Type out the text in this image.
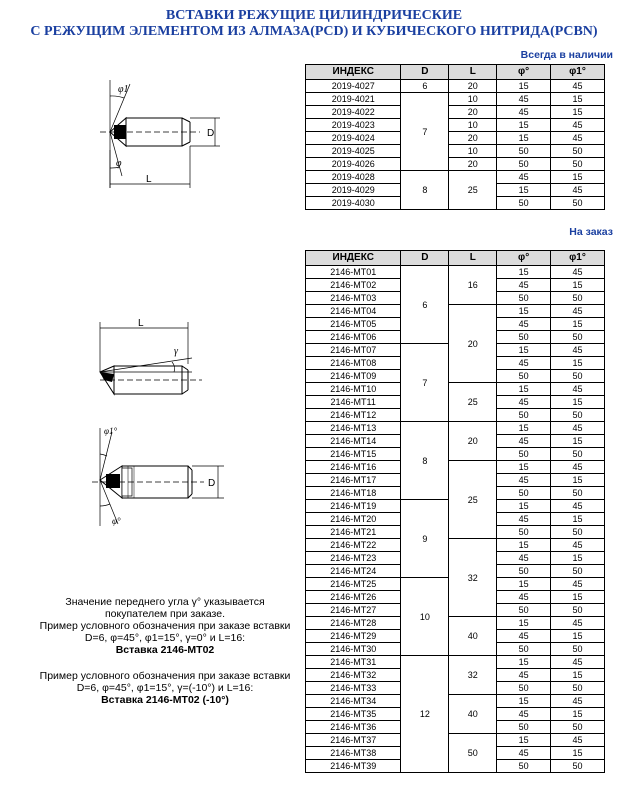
ВСТАВКИ РЕЖУЩИЕ ЦИЛИНДРИЧЕСКИЕ
С РЕЖУЩИМ ЭЛЕМЕНТОМ ИЗ АЛМАЗА(PCD) И КУБИЧЕСКОГО НИТРИДА(PCBN)
Всегда в наличии
φ1
φ
D
L
L
γ
φ1°
φ°
D
Значение переднего угла γ° указывается
покупателем при заказе.
Пример условного обозначения при заказе вставки
D=6, φ=45°, φ1=15°, γ=0° и L=16:
Вставка 2146-MT02
Пример условного обозначения при заказе вставки
D=6, φ=45°, φ1=15°, γ=(-10°) и L=16:
Вставка 2146-MT02 (-10°)
ИНДЕКС	D	L	φ°	φ1°
2019-4027	6	20	15	45
2019-4021	7	10	45	15
2019-4022		20	45	15
2019-4023		10	15	45
2019-4024		20	15	45
2019-4025		10	50	50
2019-4026		20	50	50
2019-4028	8	25	45	15
2019-4029			15	45
2019-4030			50	50
На заказ
ИНДЕКС	D	L	φ°	φ1°
2146-MT01	6	16	15	45
2146-MT02			45	15
2146-MT03			50	50
2146-MT04		20	15	45
2146-MT05			45	15
2146-MT06			50	50
2146-MT07	7		15	45
2146-MT08			45	15
2146-MT09			50	50
2146-MT10		25	15	45
2146-MT11			45	15
2146-MT12			50	50
2146-MT13	8	20	15	45
2146-MT14			45	15
2146-MT15			50	50
2146-MT16		25	15	45
2146-MT17			45	15
2146-MT18			50	50
2146-MT19	9		15	45
2146-MT20			45	15
2146-MT21			50	50
2146-MT22		32	15	45
2146-MT23			45	15
2146-MT24			50	50
2146-MT25	10		15	45
2146-MT26			45	15
2146-MT27			50	50
2146-MT28		40	15	45
2146-MT29			45	15
2146-MT30			50	50
2146-MT31	12	32	15	45
2146-MT32			45	15
2146-MT33			50	50
2146-MT34		40	15	45
2146-MT35			45	15
2146-MT36			50	50
2146-MT37		50	15	45
2146-MT38			45	15
2146-MT39			50	50
